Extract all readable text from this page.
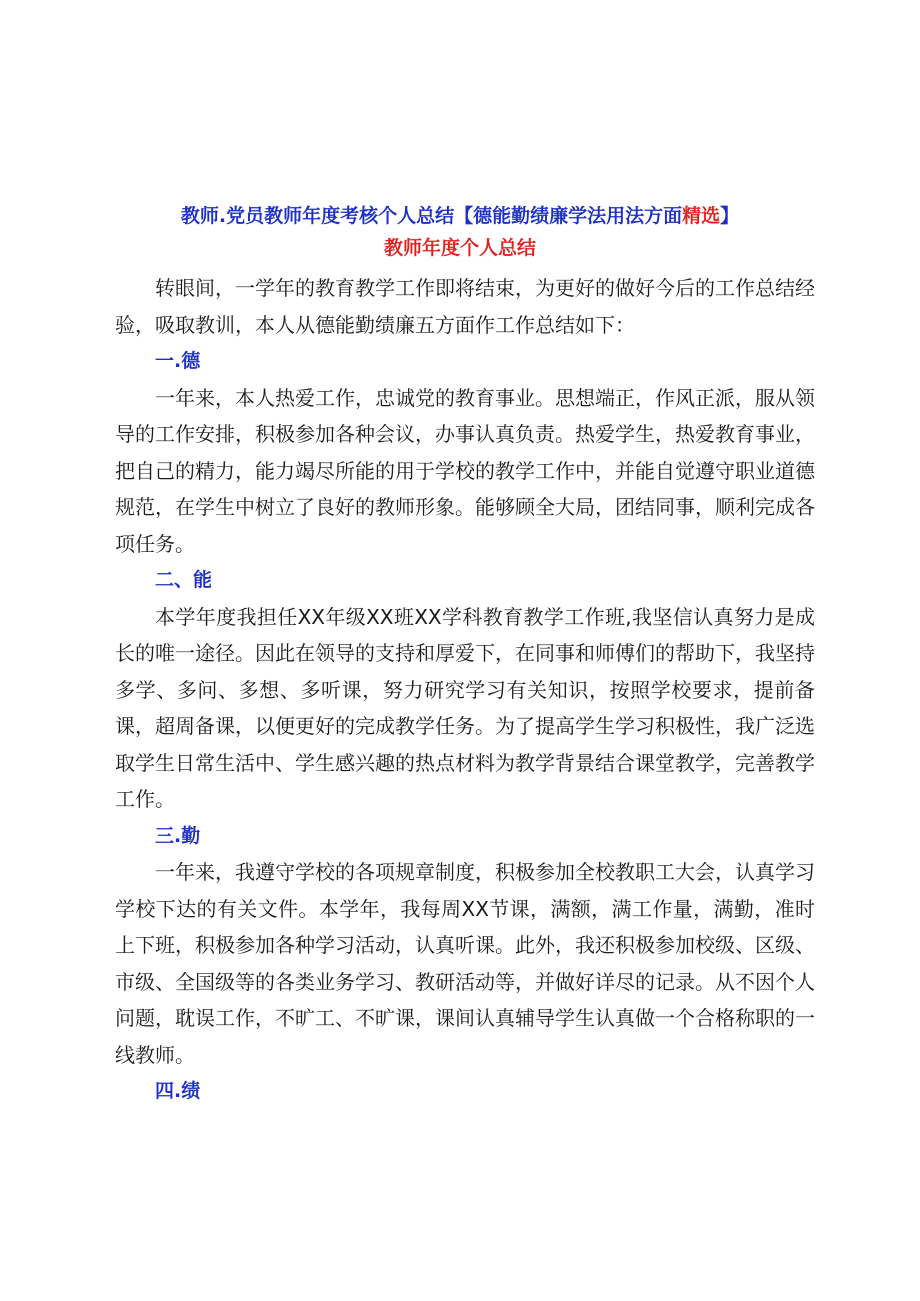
教师.党员教师年度考核个人总结【德能勤绩廉学法用法方面精选】
教师年度个人总结

转眼间，一学年的教育教学工作即将结束，为更好的做好今后的工作总结经验，吸取教训，本人从德能勤绩廉五方面作工作总结如下：

一.德

一年来，本人热爱工作，忠诚党的教育事业。思想端正，作风正派，服从领导的工作安排，积极参加各种会议，办事认真负责。热爱学生，热爱教育事业，把自己的精力，能力竭尽所能的用于学校的教学工作中，并能自觉遵守职业道德规范，在学生中树立了良好的教师形象。能够顾全大局，团结同事，顺利完成各项任务。

二、能

本学年度我担任XX年级XX班XX学科教育教学工作班,我坚信认真努力是成长的唯一途径。因此在领导的支持和厚爱下，在同事和师傅们的帮助下，我坚持多学、多问、多想、多听课，努力研究学习有关知识，按照学校要求，提前备课，超周备课，以便更好的完成教学任务。为了提高学生学习积极性，我广泛选取学生日常生活中、学生感兴趣的热点材料为教学背景结合课堂教学，完善教学工作。

三.勤

一年来，我遵守学校的各项规章制度，积极参加全校教职工大会，认真学习学校下达的有关文件。本学年，我每周XX节课，满额，满工作量，满勤，准时上下班，积极参加各种学习活动，认真听课。此外，我还积极参加校级、区级、市级、全国级等的各类业务学习、教研活动等，并做好详尽的记录。从不因个人问题，耽误工作，不旷工、不旷课，课间认真辅导学生认真做一个合格称职的一线教师。

四.绩
